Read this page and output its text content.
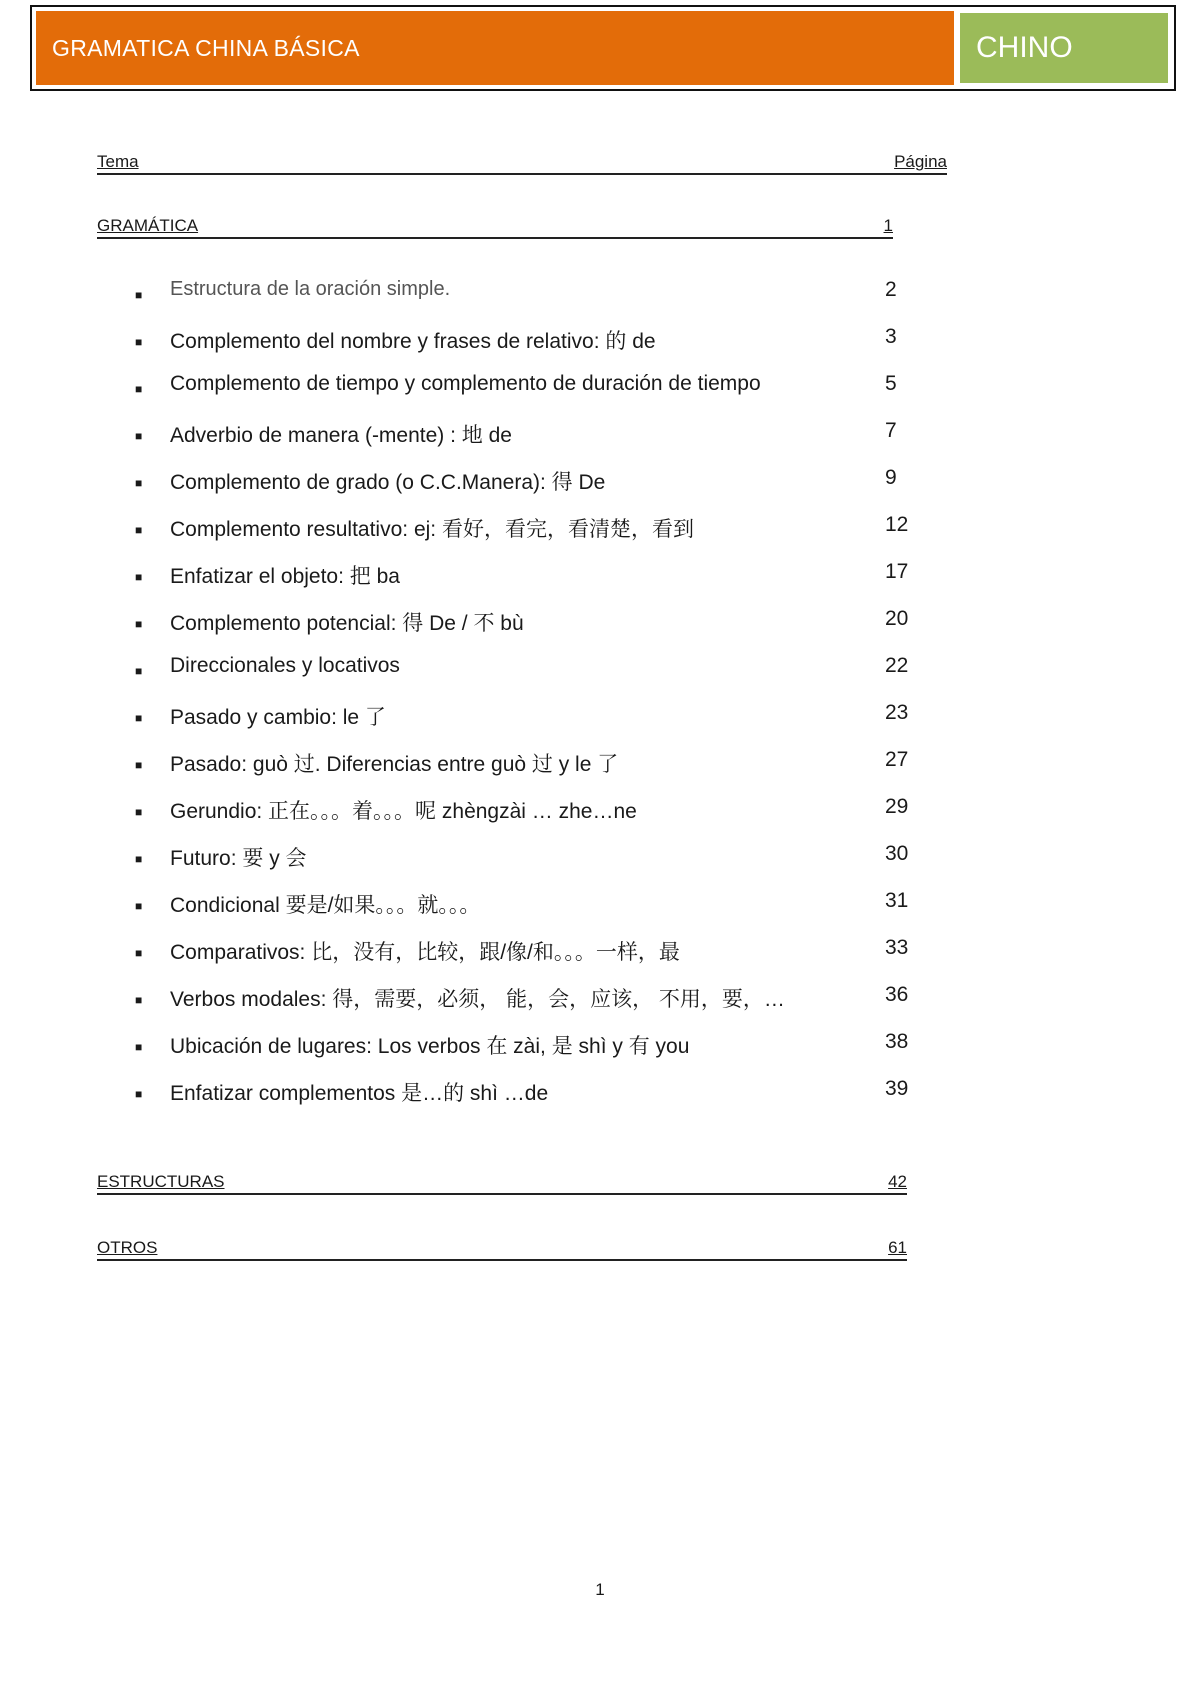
GRAMATICA CHINA BÁSICA	CHINO
Tema	Página
GRAMÁTICA	1
■ Estructura de la oración simple.	2
■ Complemento del nombre y frases de relativo: 的 de	3
■ Complemento de tiempo y complemento de duración de tiempo	5
■ Adverbio de manera (-mente) : 地 de	7
■ Complemento de grado (o C.C.Manera): 得 De	9
■ Complemento resultativo: ej: 看好，看完，看清楚，看到	12
■ Enfatizar el objeto: 把 ba	17
■ Complemento potencial: 得 De / 不 bù	20
■ Direccionales y locativos	22
■ Pasado y cambio: le 了	23
■ Pasado: guò 过. Diferencias entre guò 过 y le 了	27
■ Gerundio: 正在。。。着。。。呢 zhèngzài … zhe…ne	29
■ Futuro: 要 y 会	30
■ Condicional 要是/如果。。。就。。。	31
■ Comparativos: 比，没有，比较，跟/像/和。。。一样，最	33
■ Verbos modales: 得，需要，必须， 能，会，应该， 不用，要，…	36
■ Ubicación de lugares: Los verbos 在 zài, 是 shì y 有 you	38
■ Enfatizar complementos 是…的 shì …de	39
ESTRUCTURAS	42
OTROS	61
1
